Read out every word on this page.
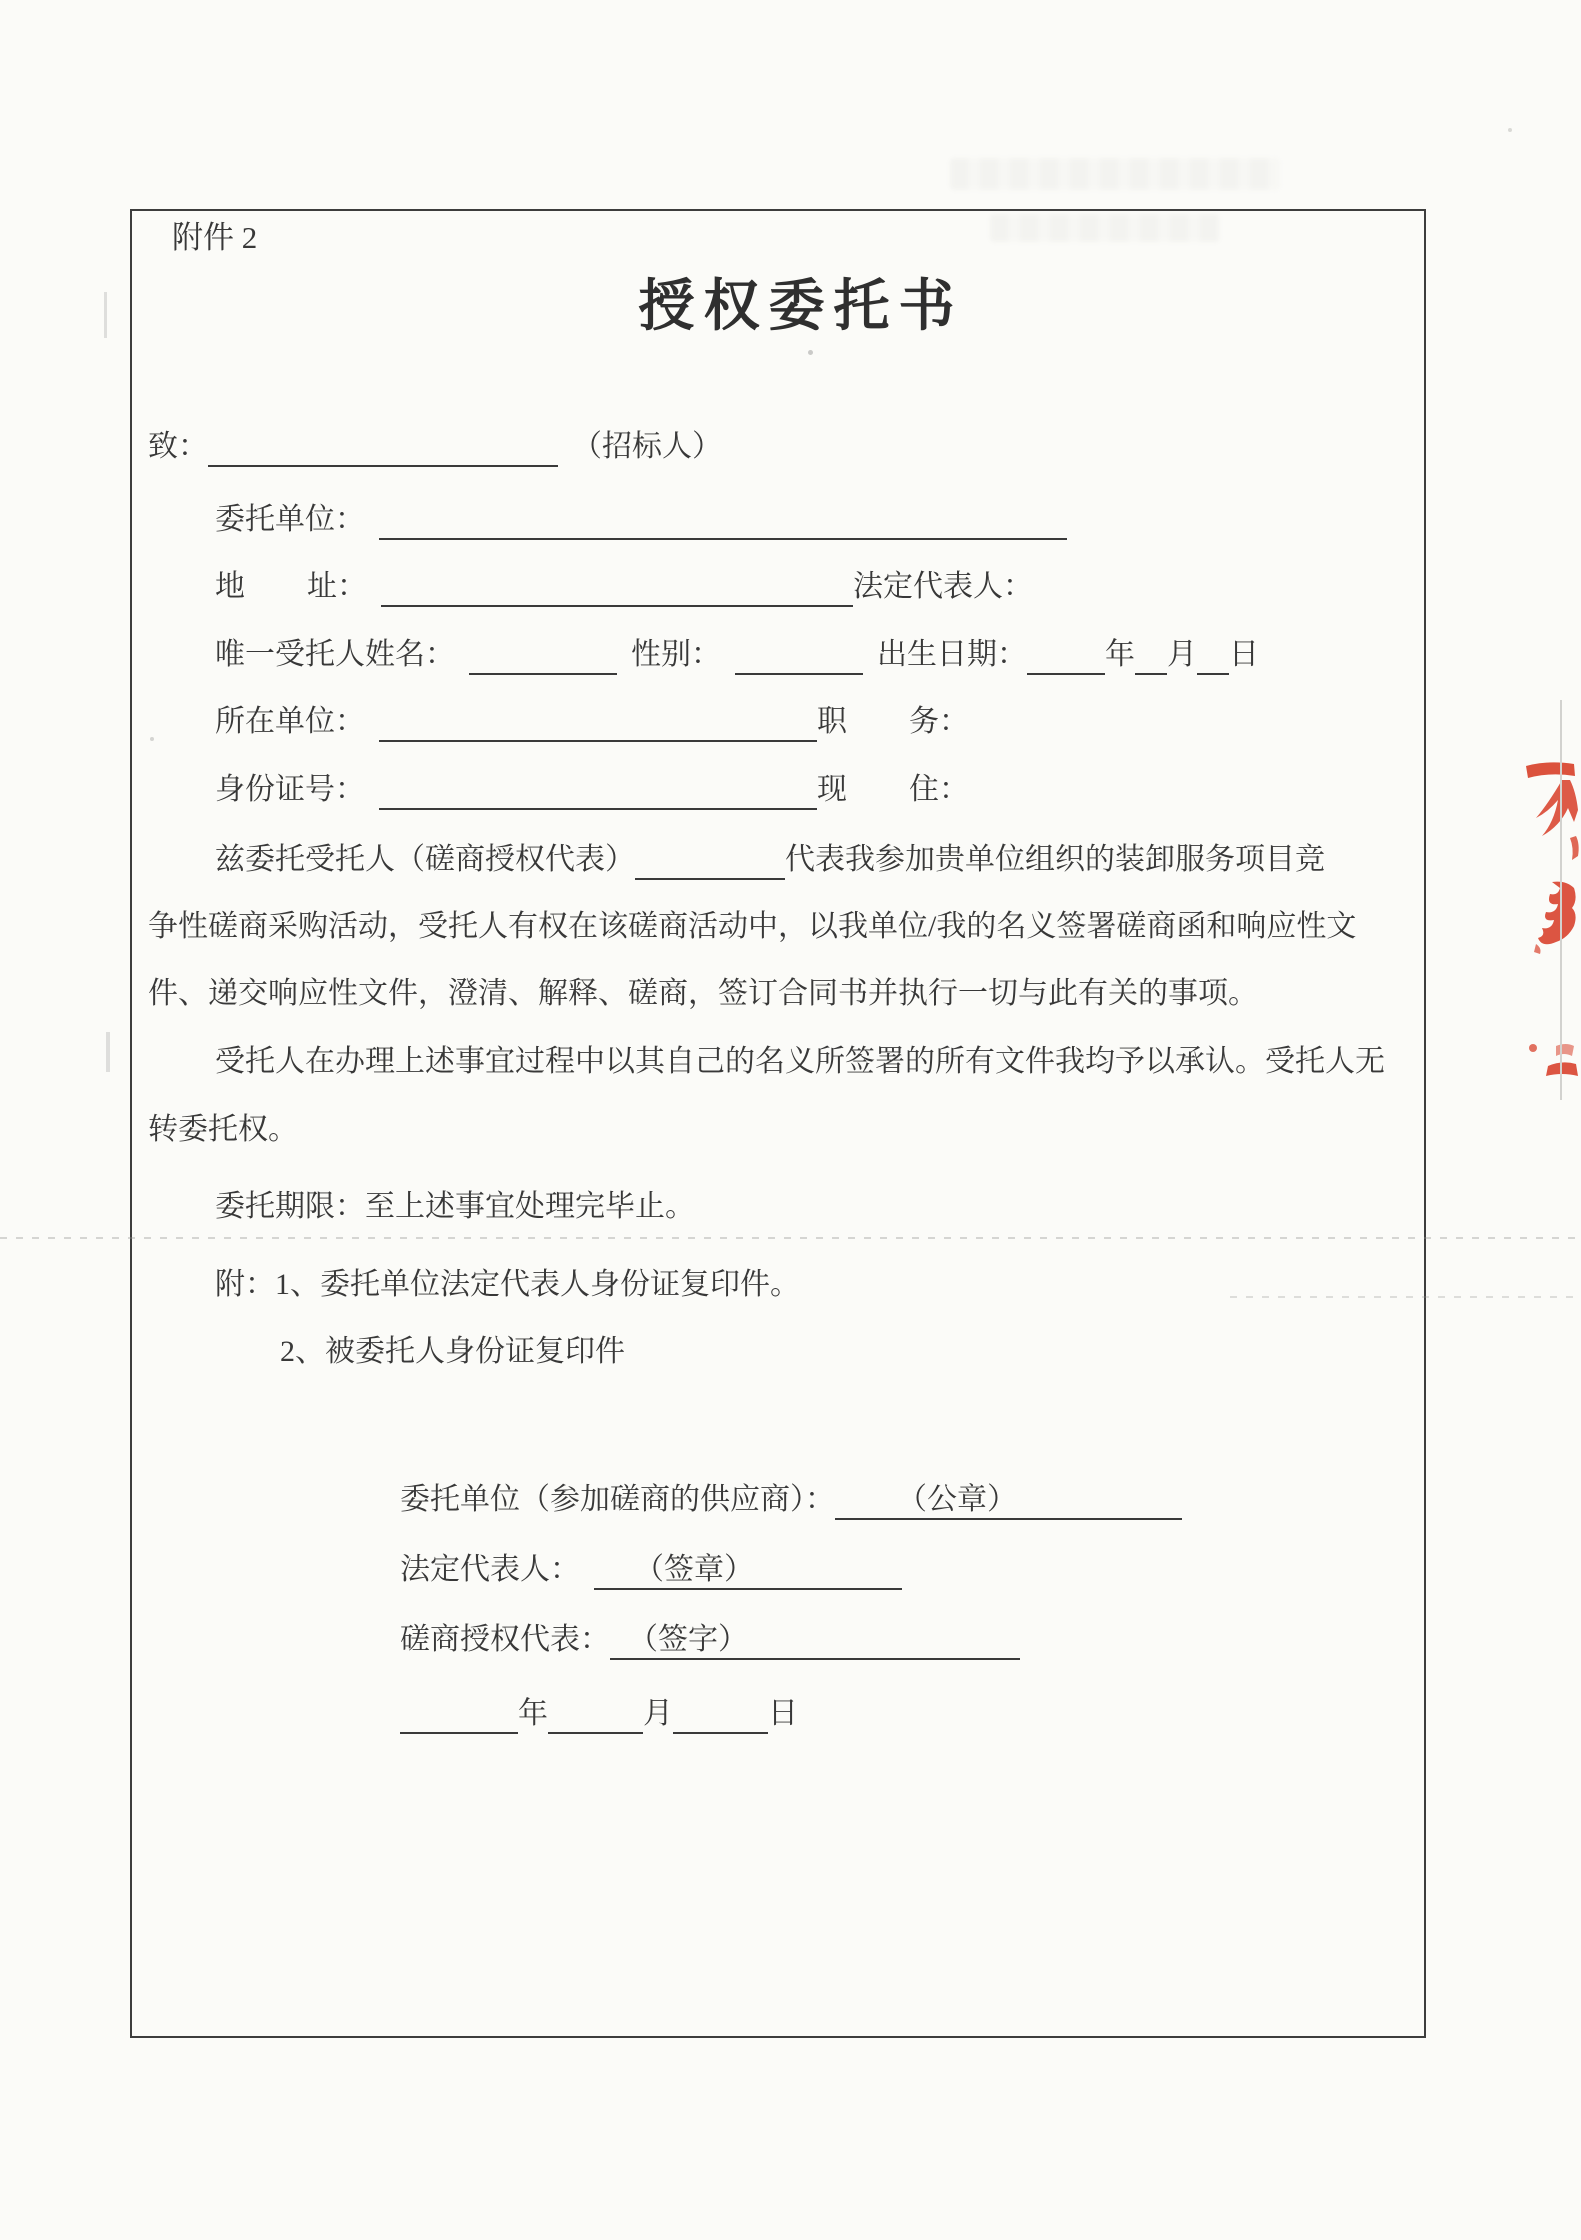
附件 2
授权委托书
致：	（招标人）
委托单位：
地 址：	法定代表人：
唯一受托人姓名：	性别：	出生日期：	年 月 日
所在单位：	职 务：
身份证号：	现 住：
兹委托受托人（磋商授权代表）	代表我参加贵单位组织的装卸服务项目竞
争性磋商采购活动，受托人有权在该磋商活动中，以我单位/我的名义签署磋商函和响应性文
件、递交响应性文件，澄清、解释、磋商，签订合同书并执行一切与此有关的事项。
受托人在办理上述事宜过程中以其自己的名义所签署的所有文件我均予以承认。受托人无
转委托权。
委托期限：至上述事宜处理完毕止。
附：1、委托单位法定代表人身份证复印件。
2、被委托人身份证复印件
委托单位（参加磋商的供应商）： （公章）
法定代表人： （签章）
磋商授权代表： （签字）
年	月	日
